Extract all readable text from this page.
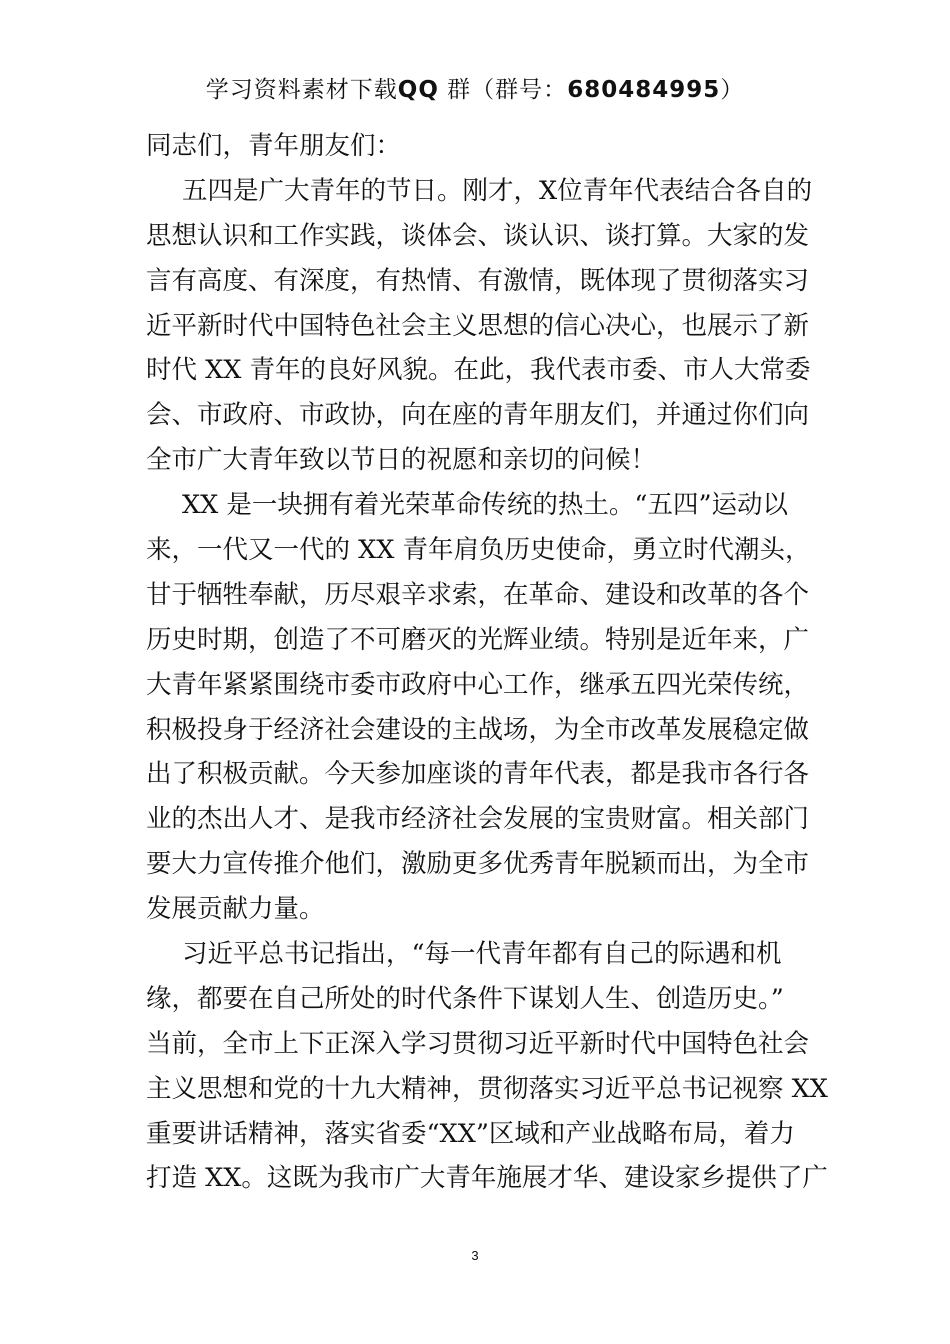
学习资料素材下载QQ 群（群号：680484995）
同志们，青年朋友们：
五四是广大青年的节日。刚才，X位青年代表结合各自的
思想认识和工作实践，谈体会、谈认识、谈打算。大家的发
言有高度、有深度，有热情、有激情，既体现了贯彻落实习
近平新时代中国特色社会主义思想的信心决心，也展示了新
时代 XX 青年的良好风貌。在此，我代表市委、市人大常委
会、市政府、市政协，向在座的青年朋友们，并通过你们向
全市广大青年致以节日的祝愿和亲切的问候！
XX 是一块拥有着光荣革命传统的热土。“五四”运动以
来，一代又一代的 XX 青年肩负历史使命，勇立时代潮头，
甘于牺牲奉献，历尽艰辛求索，在革命、建设和改革的各个
历史时期，创造了不可磨灭的光辉业绩。特别是近年来，广
大青年紧紧围绕市委市政府中心工作，继承五四光荣传统，
积极投身于经济社会建设的主战场，为全市改革发展稳定做
出了积极贡献。今天参加座谈的青年代表，都是我市各行各
业的杰出人才、是我市经济社会发展的宝贵财富。相关部门
要大力宣传推介他们，激励更多优秀青年脱颖而出，为全市
发展贡献力量。
习近平总书记指出，“每一代青年都有自己的际遇和机
缘，都要在自己所处的时代条件下谋划人生、创造历史。”
当前，全市上下正深入学习贯彻习近平新时代中国特色社会
主义思想和党的十九大精神，贯彻落实习近平总书记视察 XX
重要讲话精神，落实省委“XX”区域和产业战略布局，着力
打造 XX。这既为我市广大青年施展才华、建设家乡提供了广
3
